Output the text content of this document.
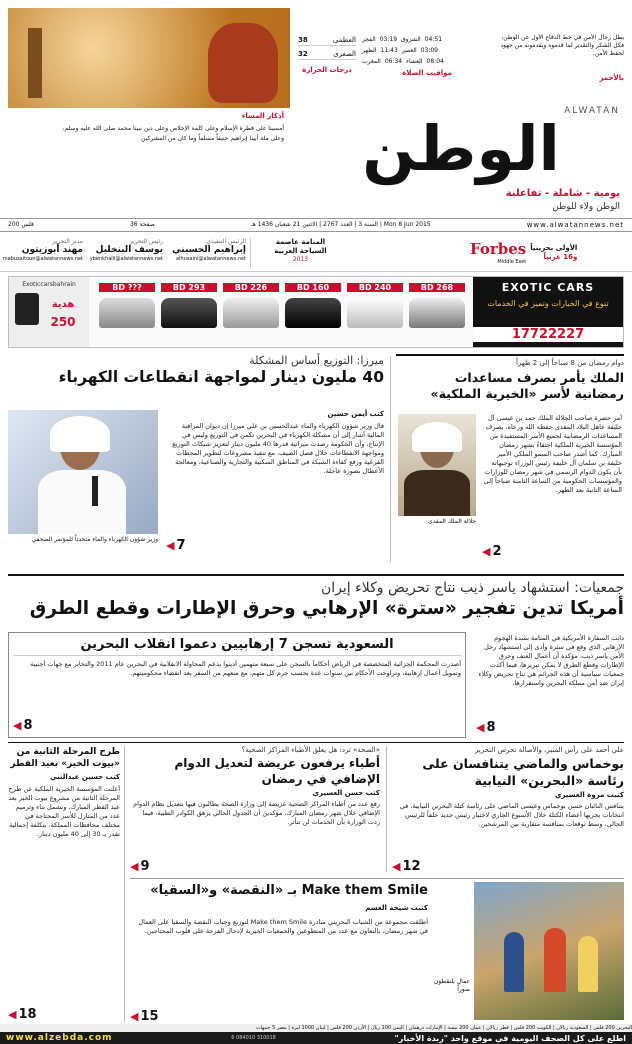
أذكار المساء
أمسينا على فطرة الإسلام وعلى كلمة الإخلاص وعلى دين نبينا محمد صلى الله عليه وسلم،
وعلى ملة أبينا إبراهيم حنيفاً مسلماً وما كان من المشركين
العظمى
38
الصغرى
32
درجات الحرارة
04:51
الشروق
03:19
الفجر
03:09
العصر
11:43
الظهر
08:04
العشاء
06:34
المغرب
مواقيت الصلاة
يطل رجال الأمن في خط الدفاع الأول عن الوطن، فكل الشكر والتقدير لما قدموه ويقدمونه من جهود لحفظ الأمن.
بالأحمر
ALWATAN
الوطن
يومية - شاملة - تفاعلية
الوطن ولاء للوطن
200 فلس	36 صفحة	السنة 3 | العدد 2767 | الاثنين 21 شعبان 1436 هـ | Mon 8 Jun 2015	www.alwatannews.net
مدير التحرير
مهند أبوزيتون
mabuzaitoun@alwatannews.net
رئيس التحرير
يوسف البنخليل
ybenkhalil@alwatannews.net
الرئيس التنفيذي
إبراهيم الحسيني
alhusaini@alwatannews.net
المنامة عاصمة
السياحة العربية
2013
الأولى بحرينياً
و16 عربياً
Forbes
Middle East
Exoticcarsbahrain
هدية
250
BD ???	BD 293	BD 226	BD 160	BD 240	BD 268	EXOTIC CARS
تنوع في الخيارات وتميز في الخدمات
17722227
دوام رمضان من 8 صباحاً إلى 2 ظهراً
الملك يأمر بصرف مساعدات
رمضانية لأسر «الخيرية الملكية»
جلالة الملك المفدى
أمر حضرة صاحب الجلالة الملك حمد بن عيسى آل خليفة عاهل البلاد المفدى حفظه الله ورعاه، بصرف المساعدات الرمضانية لجميع الأسر المستفيدة من المؤسسة الخيرية الملكية احتفاءً بشهر رمضان المبارك. كما أصدر صاحب السمو الملكي الأمير خليفة بن سلمان آل خليفة رئيس الوزراء توجيهاته بأن يكون الدوام الرسمي في شهر رمضان للوزارات والمؤسسات الحكومية من الساعة الثامنة صباحاً إلى الساعة الثانية بعد الظهر.
◀ 2
ميرزا: التوزيع أساس المشكلة
40 مليون دينار لمواجهة انقطاعات الكهرباء
وزير شؤون الكهرباء والماء متحدثاً للمؤتمر الصحفي
كتب أيمن حسين
قال وزير شؤون الكهرباء والماء عبدالحسين بن علي ميرزا إن ديوان المراقبة المالية أشار إلى أن مشكلة الكهرباء في البحرين تكمن في التوزيع وليس في الإنتاج، وأن الحكومة رصدت ميزانية قدرها 40 مليون دينار لتعزيز شبكات التوزيع ومواجهة الانقطاعات خلال فصل الصيف، مع تنفيذ مشروعات لتطوير المحطات الفرعية ورفع كفاءة الشبكة في المناطق السكنية والتجارية والصناعية، ومعالجة الأعطال بصورة عاجلة.
◀ 7
جمعيات: استشهاد ياسر ذيب نتاج تحريض وكلاء إيران
أمريكا تدين تفجير «سترة» الإرهابي وحرق الإطارات وقطع الطرق
دانت السفارة الأمريكية في المنامة بشدة الهجوم الإرهابي الذي وقع في سترة وأدى إلى استشهاد رجل الأمن ياسر ذيب، مؤكدة أن أعمال العنف وحرق الإطارات وقطع الطرق لا يمكن تبريرها، فيما أكدت جمعيات سياسية أن هذه الجرائم هي نتاج تحريض وكلاء إيران ضد أمن مملكة البحرين واستقرارها.
◀ 8
السعودية تسجن 7 إرهابيين دعموا انقلاب البحرين
أصدرت المحكمة الجزائية المتخصصة في الرياض أحكاماً بالسجن على سبعة متهمين أدينوا بدعم المحاولة الانقلابية في البحرين عام 2011 والتخابر مع جهات أجنبية وتمويل أعمال إرهابية، وتراوحت الأحكام بين سنوات عدة بحسب جرم كل متهم، مع منعهم من السفر بعد انقضاء محكوميتهم.
◀ 8
علي أحمد على رأس المنبر، والأصالة تحرس التحرير
بوخماس والماضي يتنافسان على رئاسة «البحرين» النيابية
كتبت مروة العسيري
يتنافس النائبان حسن بوخماس وعيسى الماضي على رئاسة كتلة البحرين النيابية، في انتخابات يجريها أعضاء الكتلة خلال الأسبوع الجاري لاختيار رئيس جديد خلفاً للرئيس الحالي، وسط توقعات بمنافسة متقاربة بين المرشحين.
◀ 12
«الصحة» ترد: هل يغلق الأطباء المراكز الصحية؟
أطباء يرفعون عريضة لتعديل الدوام الإضافي في رمضان
كتب حسن العسيري
رفع عدد من أطباء المراكز الصحية عريضة إلى وزارة الصحة يطالبون فيها بتعديل نظام الدوام الإضافي خلال شهر رمضان المبارك، مؤكدين أن الجدول الحالي يرهق الكوادر الطبية، فيما ردت الوزارة بأن الخدمات لن تتأثر.
◀ 9
طرح المرحلة الثانية من «بيوت الخير» بعيد الفطر
كتب حسين عبدالنبي
أعلنت المؤسسة الخيرية الملكية عن طرح المرحلة الثانية من مشروع بيوت الخير بعد عيد الفطر المبارك، وتشمل بناء وترميم عدد من المنازل للأسر المحتاجة في مختلف محافظات المملكة، بتكلفة إجمالية تقدر بـ 30 إلى 40 مليون دينار.
◀ 18
Make them Smile بـ «النقصة» و«السقيا»
كتبت شيخة العسم
عمال يلتقطون صوراً
أطلقت مجموعة من الشباب البحريني مبادرة Make them Smile لتوزيع وجبات النقصة والسقيا على العمال في شهر رمضان، بالتعاون مع عدد من المتطوعين والجمعيات الخيرية لإدخال الفرحة على قلوب المحتاجين.
◀ 15
البحرين 200 فلس | السعودية ريالان | الكويت 200 فلس | قطر ريالان | عمان 200 بيسة | الإمارات درهمان | اليمن 100 ريال | الأردن 200 فلس | لبنان 1000 ليرة | مصر 5 جنيهات
www.alzebda.com	6 084010 310018	اطلع على كل الصحف اليومية في موقع واحد "زبدة الأخبار"
